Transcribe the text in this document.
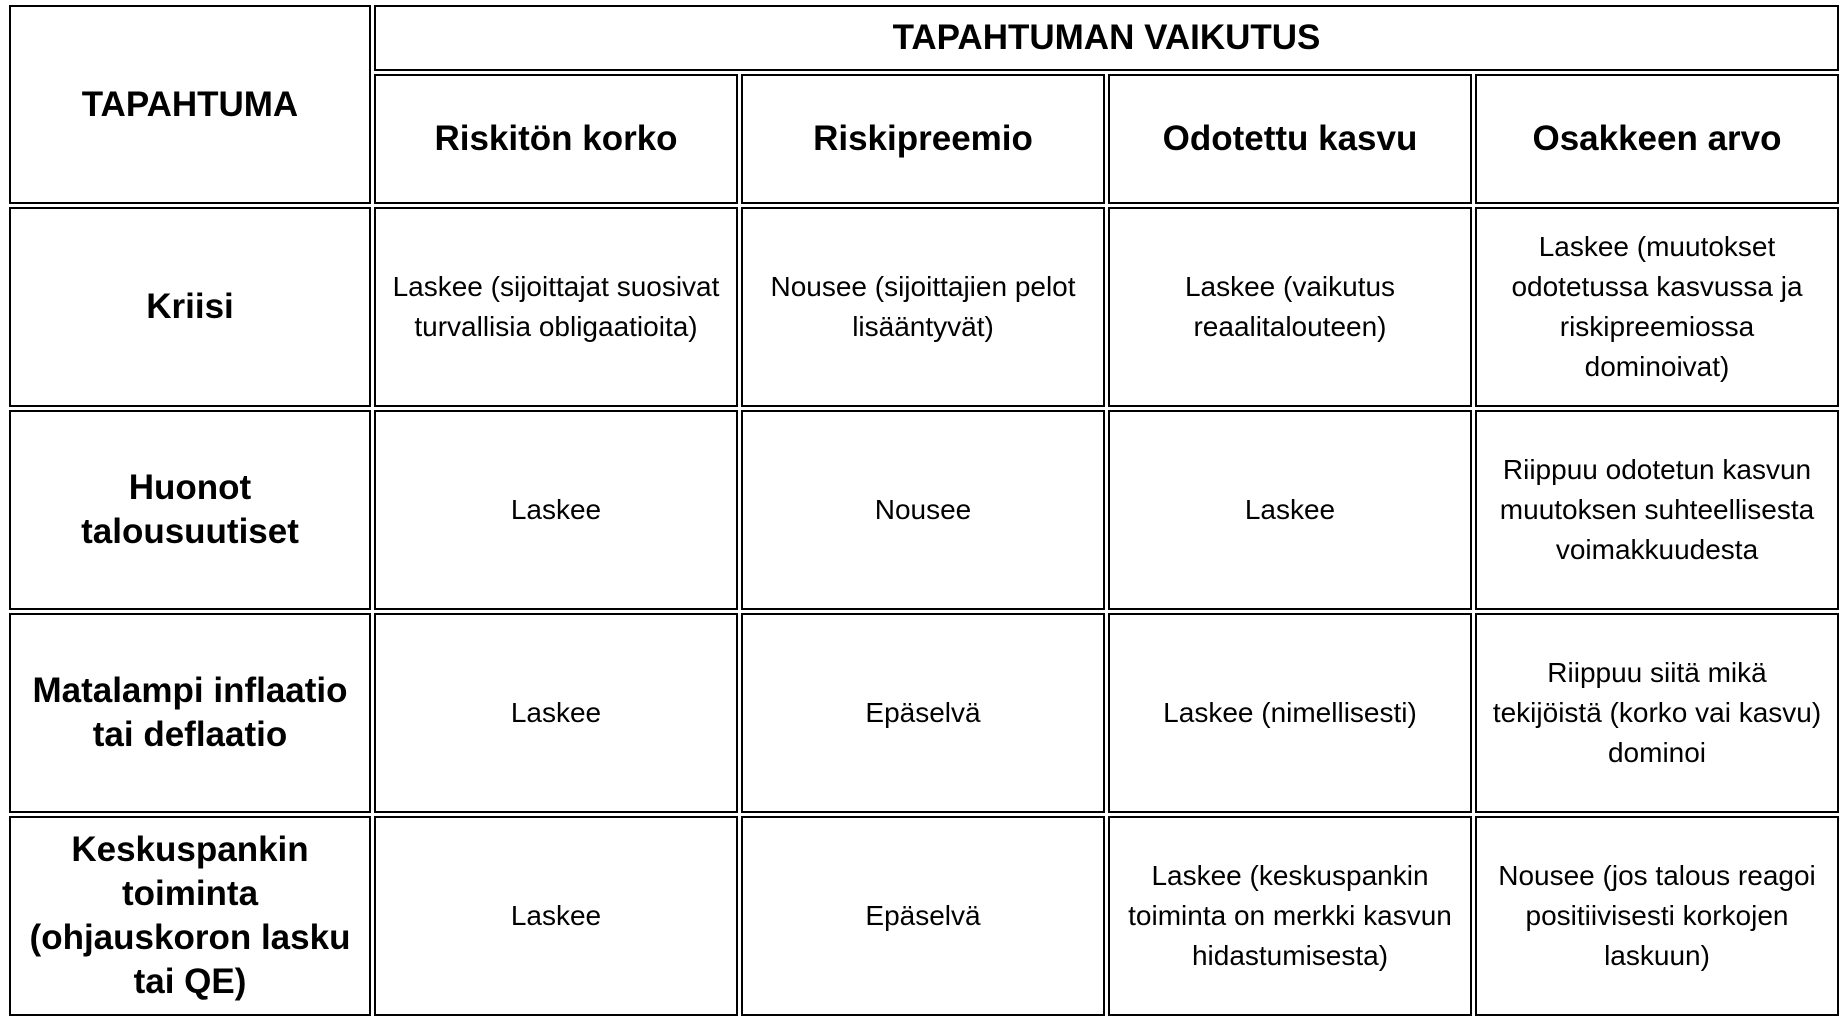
TAPAHTUMA	TAPAHTUMAN VAIKUTUS			
	Riskitön korko	Riskipreemio	Odotettu kasvu	Osakkeen arvo
Kriisi	Laskee (sijoittajat suosivat turvallisia obligaatioita)	Nousee (sijoittajien pelot lisääntyvät)	Laskee (vaikutus reaalitalouteen)	Laskee (muutokset odotetussa kasvussa ja riskipreemiossa dominoivat)
Huonot talousuutiset	Laskee	Nousee	Laskee	Riippuu odotetun kasvun muutoksen suhteellisesta voimakkuudesta
Matalampi inflaatio tai deflaatio	Laskee	Epäselvä	Laskee (nimellisesti)	Riippuu siitä mikä tekijöistä (korko vai kasvu) dominoi
Keskuspankin toiminta (ohjauskoron lasku tai QE)	Laskee	Epäselvä	Laskee (keskuspankin toiminta on merkki kasvun hidastumisesta)	Nousee (jos talous reagoi positiivisesti korkojen laskuun)
